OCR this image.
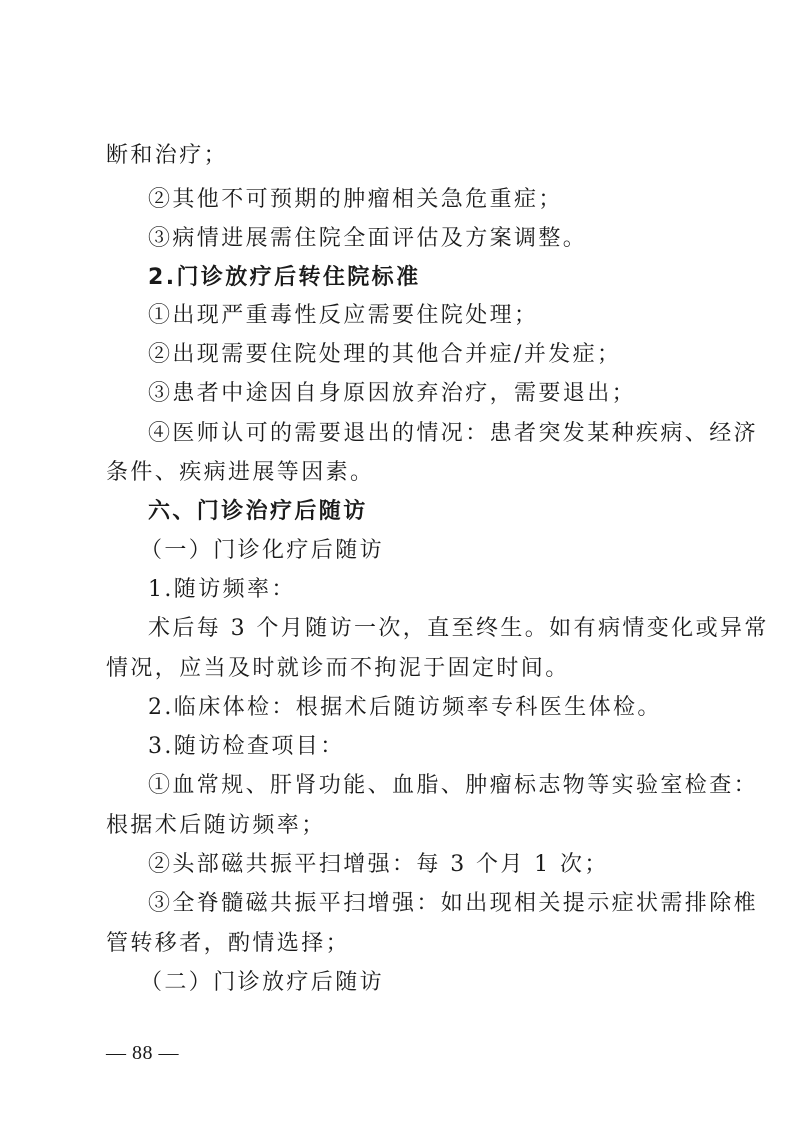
断和治疗；
②其他不可预期的肿瘤相关急危重症；
③病情进展需住院全面评估及方案调整。
2.门诊放疗后转住院标准
①出现严重毒性反应需要住院处理；
②出现需要住院处理的其他合并症/并发症；
③患者中途因自身原因放弃治疗，需要退出；
④医师认可的需要退出的情况：患者突发某种疾病、经济
条件、疾病进展等因素。
六、门诊治疗后随访
（一）门诊化疗后随访
1.随访频率：
术后每 3 个月随访一次，直至终生。如有病情变化或异常
情况，应当及时就诊而不拘泥于固定时间。
2.临床体检：根据术后随访频率专科医生体检。
3.随访检查项目：
①血常规、肝肾功能、血脂、肿瘤标志物等实验室检查：
根据术后随访频率；
②头部磁共振平扫增强：每 3 个月 1 次；
③全脊髓磁共振平扫增强：如出现相关提示症状需排除椎
管转移者，酌情选择；
（二）门诊放疗后随访
— 88 —
